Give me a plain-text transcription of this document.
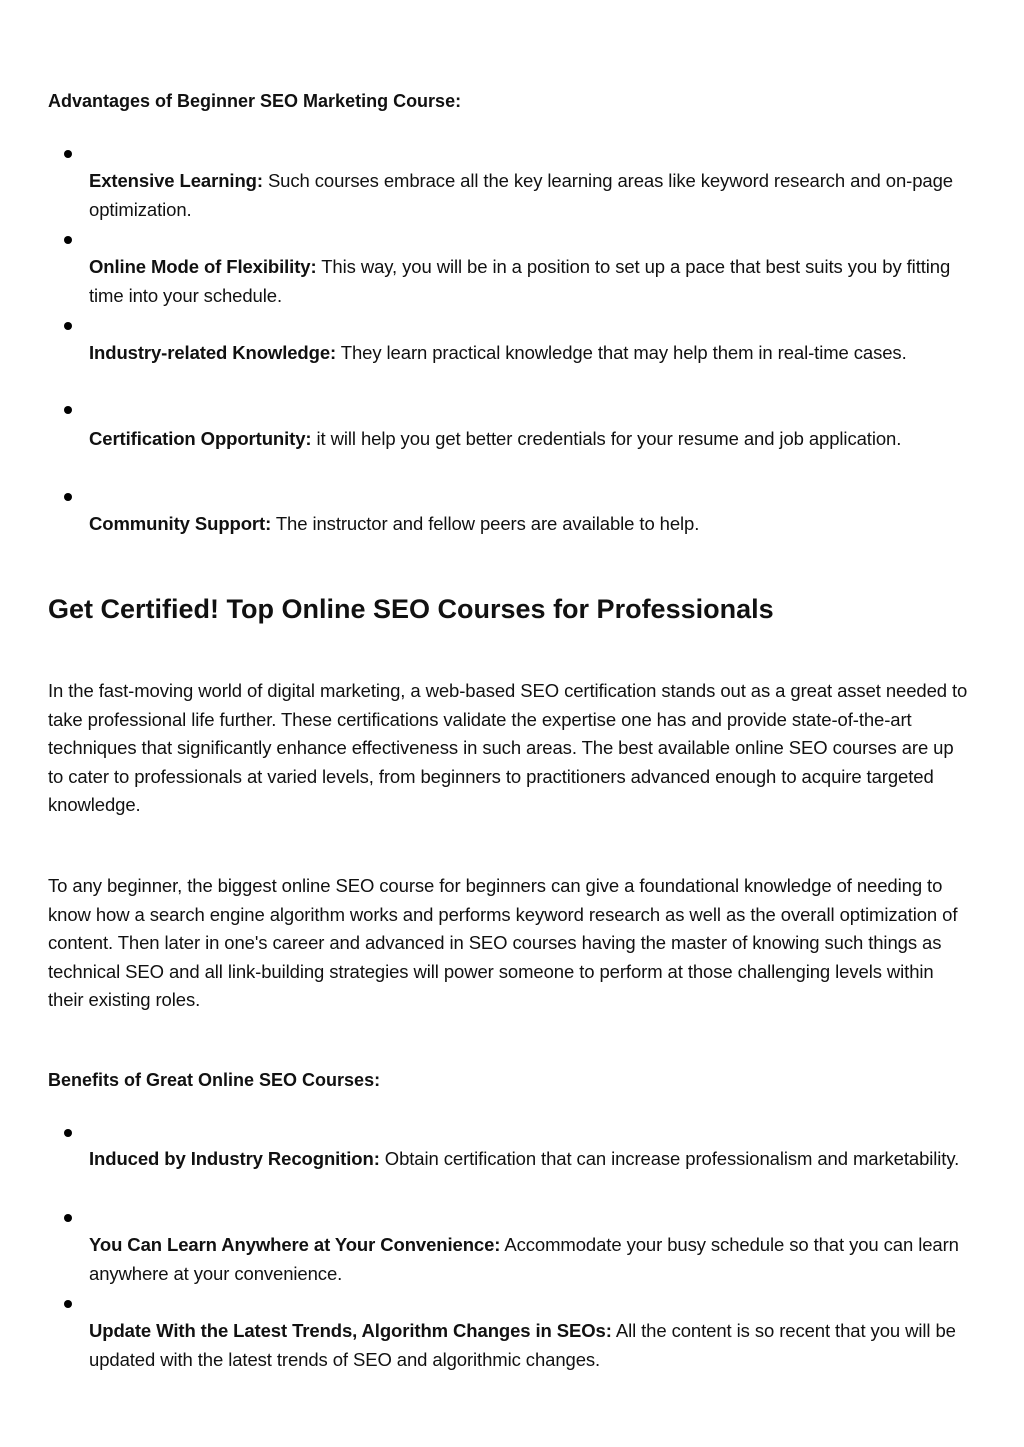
Advantages of Beginner SEO Marketing Course:
Extensive Learning: Such courses embrace all the key learning areas like keyword research and on-page optimization.
Online Mode of Flexibility: This way, you will be in a position to set up a pace that best suits you by fitting time into your schedule.
Industry-related Knowledge: They learn practical knowledge that may help them in real-time cases.
Certification Opportunity: it will help you get better credentials for your resume and job application.
Community Support: The instructor and fellow peers are available to help.
Get Certified! Top Online SEO Courses for Professionals

In the fast-moving world of digital marketing, a web-based SEO certification stands out as a great asset needed to take professional life further. These certifications validate the expertise one has and provide state-of-the-art techniques that significantly enhance effectiveness in such areas. The best available online SEO courses are up to cater to professionals at varied levels, from beginners to practitioners advanced enough to acquire targeted knowledge.

To any beginner, the biggest online SEO course for beginners can give a foundational knowledge of needing to know how a search engine algorithm works and performs keyword research as well as the overall optimization of content. Then later in one's career and advanced in SEO courses having the master of knowing such things as technical SEO and all link-building strategies will power someone to perform at those challenging levels within their existing roles.

Benefits of Great Online SEO Courses:
Induced by Industry Recognition: Obtain certification that can increase professionalism and marketability.
You Can Learn Anywhere at Your Convenience: Accommodate your busy schedule so that you can learn anywhere at your convenience.
Update With the Latest Trends, Algorithm Changes in SEOs: All the content is so recent that you will be updated with the latest trends of SEO and algorithmic changes.
